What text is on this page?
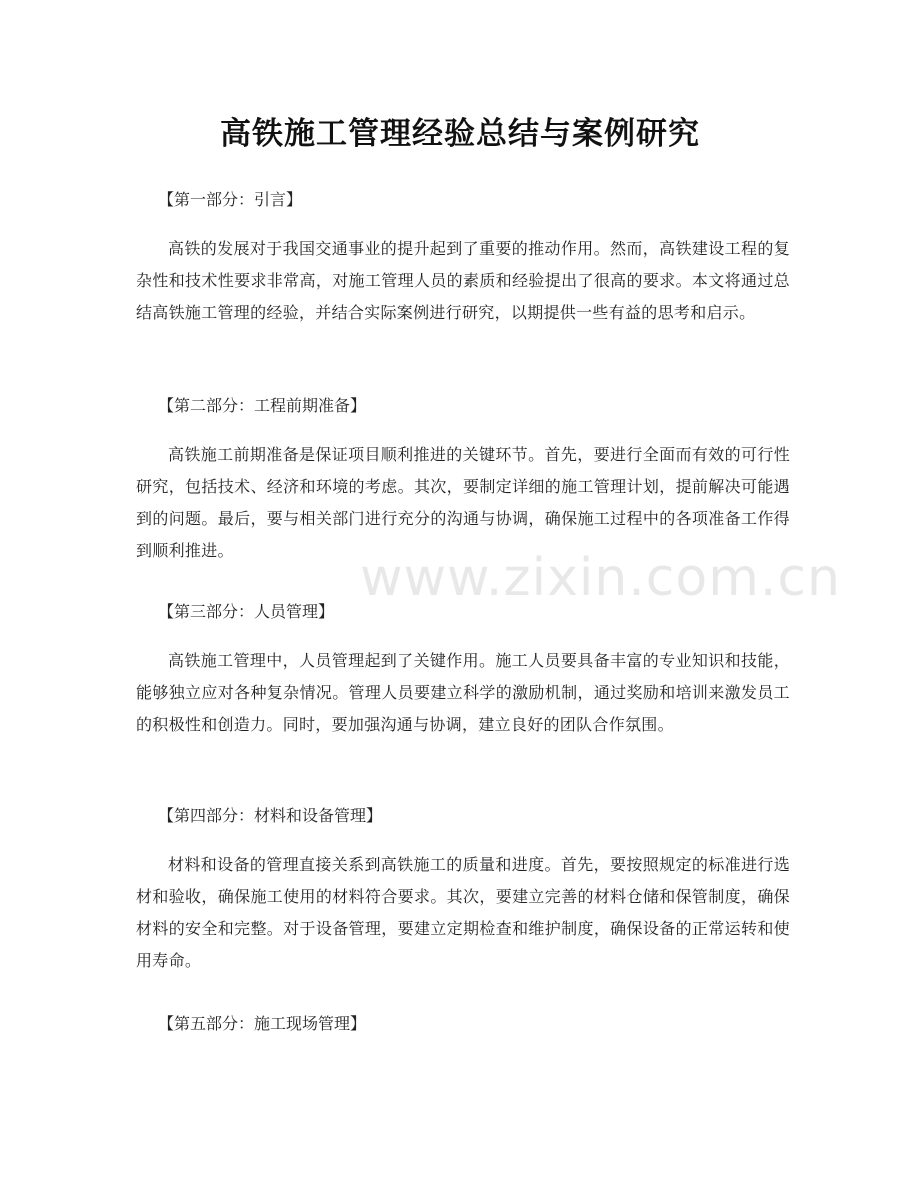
高铁施工管理经验总结与案例研究
【第一部分：引言】
高铁的发展对于我国交通事业的提升起到了重要的推动作用。然而，高铁建设工程的复杂性和技术性要求非常高，对施工管理人员的素质和经验提出了很高的要求。本文将通过总结高铁施工管理的经验，并结合实际案例进行研究，以期提供一些有益的思考和启示。
【第二部分：工程前期准备】
高铁施工前期准备是保证项目顺利推进的关键环节。首先，要进行全面而有效的可行性研究，包括技术、经济和环境的考虑。其次，要制定详细的施工管理计划，提前解决可能遇到的问题。最后，要与相关部门进行充分的沟通与协调，确保施工过程中的各项准备工作得到顺利推进。
【第三部分：人员管理】
高铁施工管理中，人员管理起到了关键作用。施工人员要具备丰富的专业知识和技能，能够独立应对各种复杂情况。管理人员要建立科学的激励机制，通过奖励和培训来激发员工的积极性和创造力。同时，要加强沟通与协调，建立良好的团队合作氛围。
【第四部分：材料和设备管理】
材料和设备的管理直接关系到高铁施工的质量和进度。首先，要按照规定的标准进行选材和验收，确保施工使用的材料符合要求。其次，要建立完善的材料仓储和保管制度，确保材料的安全和完整。对于设备管理，要建立定期检查和维护制度，确保设备的正常运转和使用寿命。
【第五部分：施工现场管理】
www.zixin.com.cn
